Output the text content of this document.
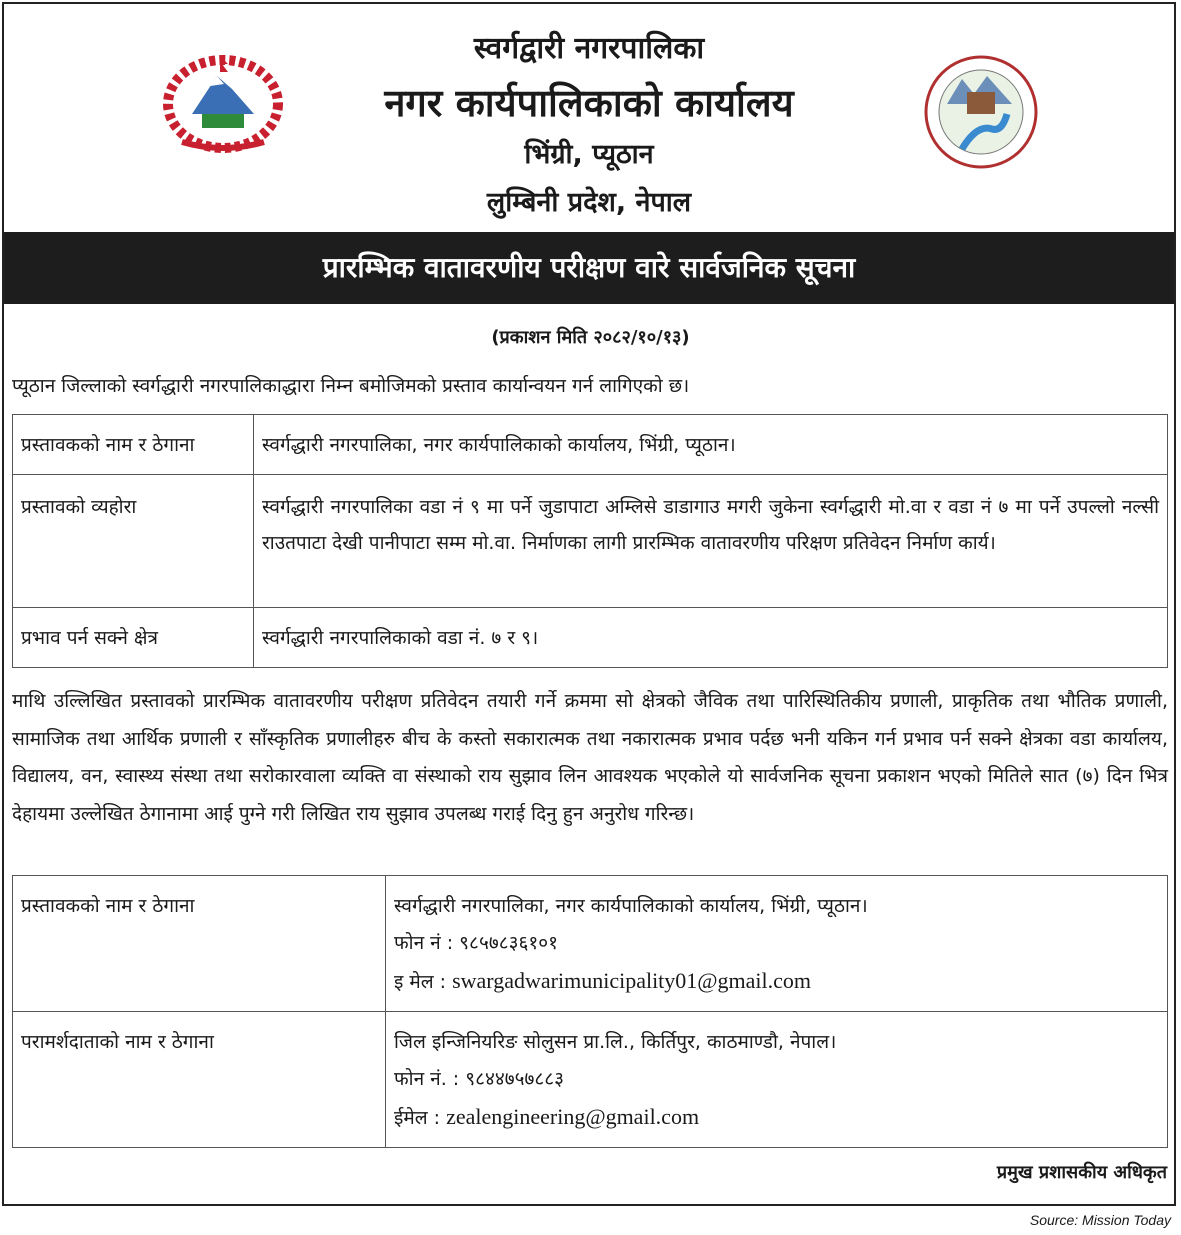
स्वर्गद्वारी नगरपालिका
नगर कार्यपालिकाको कार्यालय
भिंग्री, प्यूठान
लुम्बिनी प्रदेश, नेपाल
प्रारम्भिक वातावरणीय परीक्षण वारे सार्वजनिक सूचना
(प्रकाशन मिति २०८२/१०/१३)
प्यूठान जिल्लाको स्वर्गद्धारी नगरपालिकाद्धारा निम्न बमोजिमको प्रस्ताव कार्यान्वयन गर्न लागिएको छ।
प्रस्तावकको नाम र ठेगाना	स्वर्गद्धारी नगरपालिका, नगर कार्यपालिकाको कार्यालय, भिंग्री, प्यूठान।
प्रस्तावको व्यहोरा	स्वर्गद्धारी नगरपालिका वडा नं ९ मा पर्ने जुडापाटा अम्लिसे डाडागाउ मगरी जुकेना स्वर्गद्धारी मो.वा र वडा नं ७ मा पर्ने उपल्लो नल्सी राउतपाटा देखी पानीपाटा सम्म मो.वा. निर्माणका लागी प्रारम्भिक वातावरणीय परिक्षण प्रतिवेदन निर्माण कार्य।
प्रभाव पर्न सक्ने क्षेत्र	स्वर्गद्धारी नगरपालिकाको वडा नं. ७ र ९।
माथि उल्लिखित प्रस्तावको प्रारम्भिक वातावरणीय परीक्षण प्रतिवेदन तयारी गर्ने क्रममा सो क्षेत्रको जैविक तथा पारिस्थितिकीय प्रणाली, प्राकृतिक तथा भौतिक प्रणाली, सामाजिक तथा आर्थिक प्रणाली र साँस्कृतिक प्रणालीहरु बीच के कस्तो सकारात्मक तथा नकारात्मक प्रभाव पर्दछ भनी यकिन गर्न प्रभाव पर्न सक्ने क्षेत्रका वडा कार्यालय, विद्यालय, वन, स्वास्थ्य संस्था तथा सरोकारवाला व्यक्ति वा संस्थाको राय सुझाव लिन आवश्यक भएकोले यो सार्वजनिक सूचना प्रकाशन भएको मितिले सात (७) दिन भित्र देहायमा उल्लेखित ठेगानामा आई पुग्ने गरी लिखित राय सुझाव उपलब्ध गराई दिनु हुन अनुरोध गरिन्छ।
प्रस्तावकको नाम र ठेगाना	स्वर्गद्धारी नगरपालिका, नगर कार्यपालिकाको कार्यालय, भिंग्री, प्यूठान।
फोन नं : ९८५७८३६१०१
इ मेल : swargadwarimunicipality01@gmail.com

परामर्शदाताको नाम र ठेगाना	जिल इन्जिनियरिङ सोलुसन प्रा.लि., किर्तिपुर, काठमाण्डौ, नेपाल।
फोन नं. : ९८४४७५७८८३
ईमेल : zealengineering@gmail.com
प्रमुख प्रशासकीय अधिकृत
Source: Mission Today
